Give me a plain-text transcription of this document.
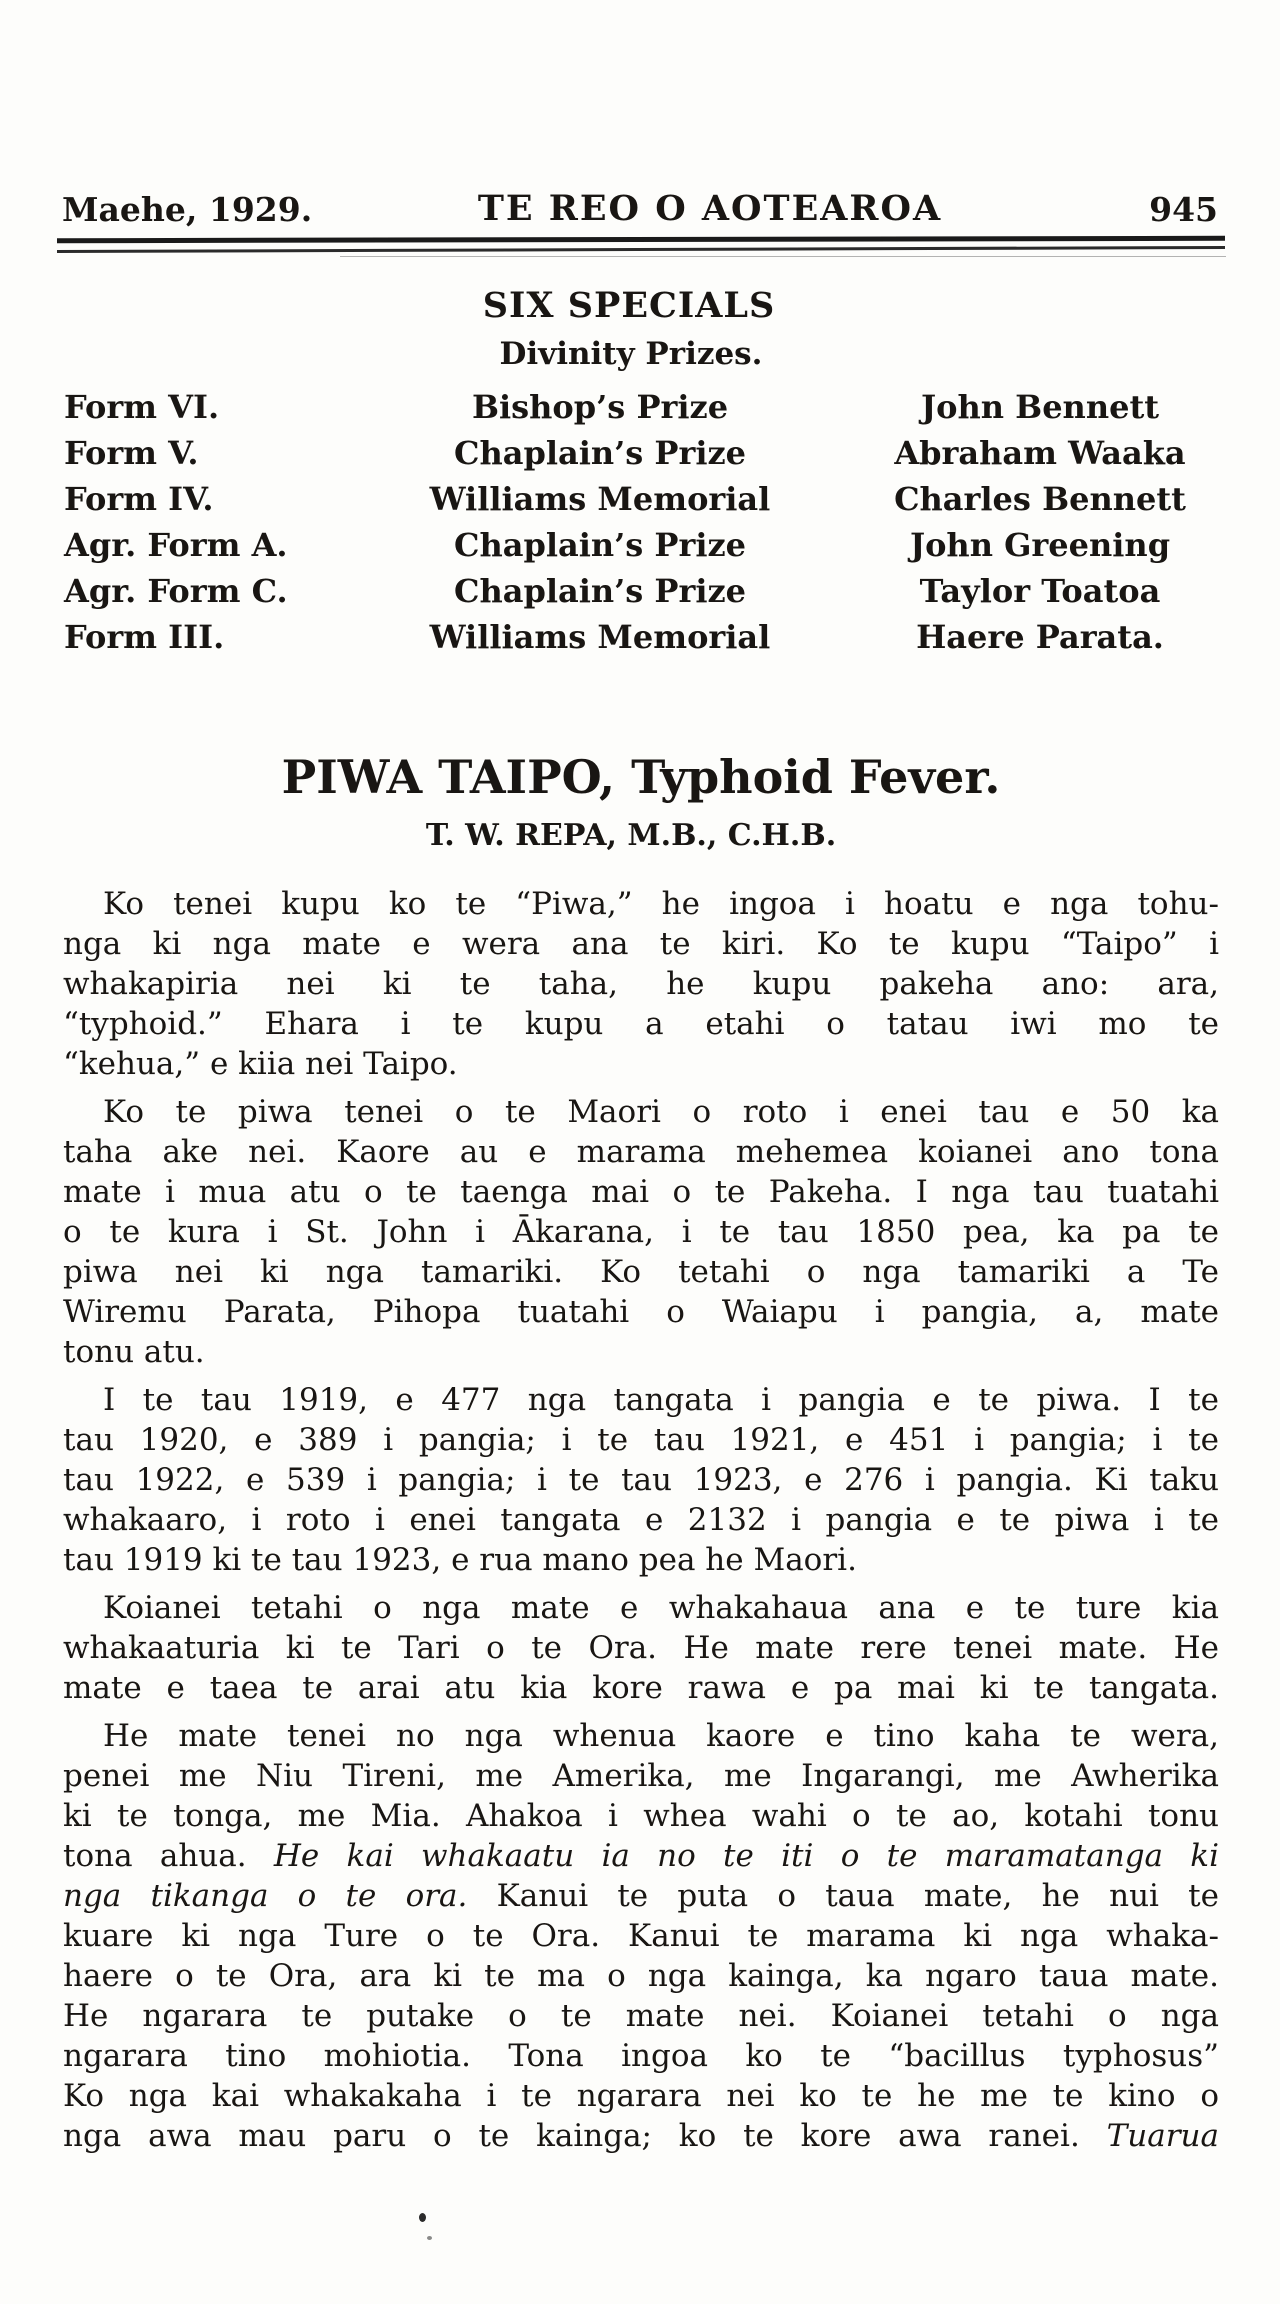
Maehe, 1929.	TE REO O AOTEAROA	945
SIX SPECIALS
Divinity Prizes.
Form VI.	Bishop’s Prize	John Bennett
Form V.	Chaplain’s Prize	Abraham Waaka
Form IV.	Williams Memorial	Charles Bennett
Agr. Form A.	Chaplain’s Prize	John Greening
Agr. Form C.	Chaplain’s Prize	Taylor Toatoa
Form III.	Williams Memorial	Haere Parata.
PIWA TAIPO, Typhoid Fever.
T. W. REPA, M.B., C.H.B.
Ko tenei kupu ko te “Piwa,” he ingoa i hoatu e nga tohu-
nga ki nga mate e wera ana te kiri. Ko te kupu “Taipo” i
whakapiria nei ki te taha, he kupu pakeha ano: ara,
“typhoid.” Ehara i te kupu a etahi o tatau iwi mo te
“kehua,” e kiia nei Taipo.
Ko te piwa tenei o te Maori o roto i enei tau e 50 ka
taha ake nei. Kaore au e marama mehemea koianei ano tona
mate i mua atu o te taenga mai o te Pakeha. I nga tau tuatahi
o te kura i St. John i Ākarana, i te tau 1850 pea, ka pa te
piwa nei ki nga tamariki. Ko tetahi o nga tamariki a Te
Wiremu Parata, Pihopa tuatahi o Waiapu i pangia, a, mate
tonu atu.
I te tau 1919, e 477 nga tangata i pangia e te piwa. I te
tau 1920, e 389 i pangia; i te tau 1921, e 451 i pangia; i te
tau 1922, e 539 i pangia; i te tau 1923, e 276 i pangia. Ki taku
whakaaro, i roto i enei tangata e 2132 i pangia e te piwa i te
tau 1919 ki te tau 1923, e rua mano pea he Maori.
Koianei tetahi o nga mate e whakahaua ana e te ture kia
whakaaturia ki te Tari o te Ora. He mate rere tenei mate. He
mate e taea te arai atu kia kore rawa e pa mai ki te tangata.
He mate tenei no nga whenua kaore e tino kaha te wera,
penei me Niu Tireni, me Amerika, me Ingarangi, me Awherika
ki te tonga, me Mia. Ahakoa i whea wahi o te ao, kotahi tonu
tona ahua. He kai whakaatu ia no te iti o te maramatanga ki
nga tikanga o te ora. Kanui te puta o taua mate, he nui te
kuare ki nga Ture o te Ora. Kanui te marama ki nga whaka-
haere o te Ora, ara ki te ma o nga kainga, ka ngaro taua mate.
He ngarara te putake o te mate nei. Koianei tetahi o nga
ngarara tino mohiotia. Tona ingoa ko te “bacillus typhosus”
Ko nga kai whakakaha i te ngarara nei ko te he me te kino o
nga awa mau paru o te kainga; ko te kore awa ranei. Tuarua
